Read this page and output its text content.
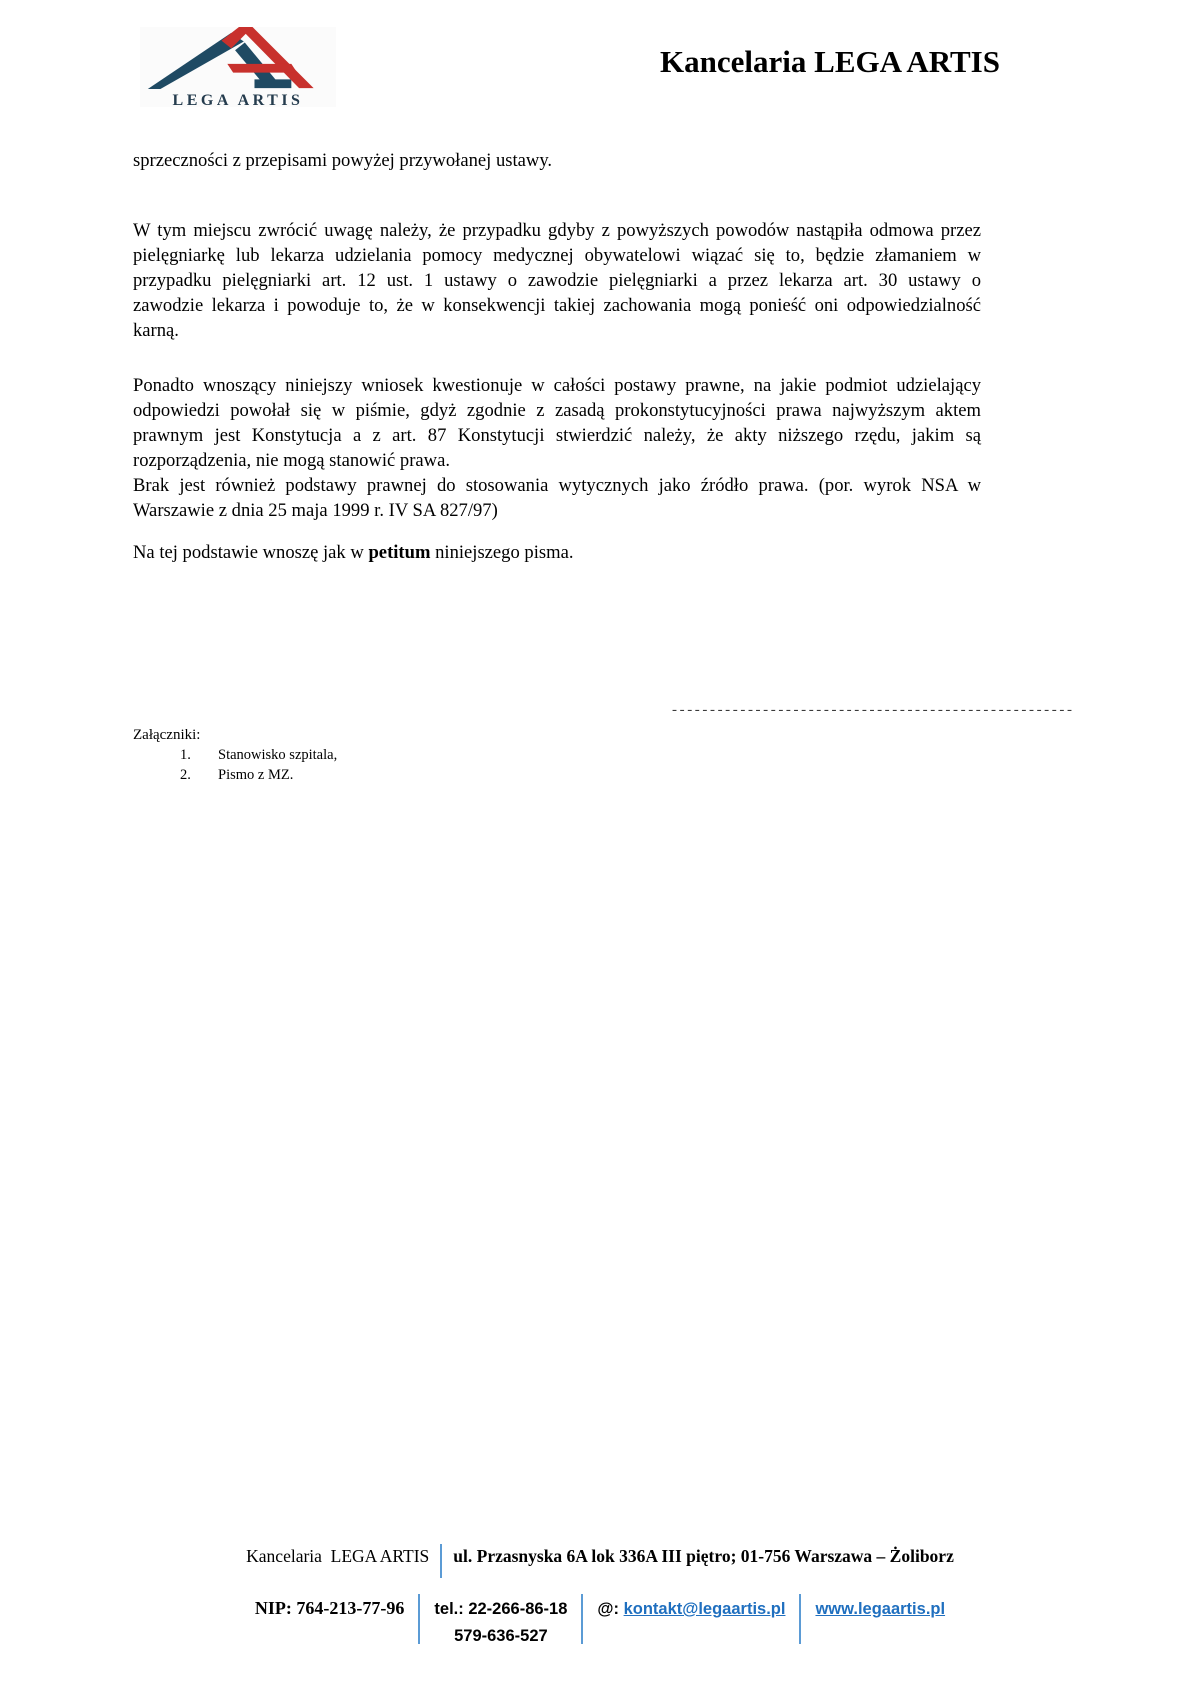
LEGA ARTIS
Kancelaria LEGA ARTIS
sprzeczności z przepisami powyżej przywołanej ustawy.
W tym miejscu zwrócić uwagę należy, że przypadku gdyby z powyższych powodów nastąpiła odmowa przez
pielęgniarkę lub lekarza udzielania pomocy medycznej obywatelowi wiązać się to, będzie złamaniem w
przypadku pielęgniarki art. 12 ust. 1 ustawy o zawodzie pielęgniarki a przez lekarza art. 30 ustawy o
zawodzie lekarza i powoduje to, że w konsekwencji takiej zachowania mogą ponieść oni odpowiedzialność
karną.
Ponadto wnoszący niniejszy wniosek kwestionuje w całości postawy prawne, na jakie podmiot udzielający
odpowiedzi powołał się w piśmie, gdyż zgodnie z zasadą prokonstytucyjności prawa najwyższym aktem
prawnym jest Konstytucja a z art. 87 Konstytucji stwierdzić należy, że akty niższego rzędu, jakim są
rozporządzenia, nie mogą stanowić prawa.
Brak jest również podstawy prawnej do stosowania wytycznych jako źródło prawa. (por. wyrok NSA w
Warszawie z dnia 25 maja 1999 r. IV SA 827/97)
Na tej podstawie wnoszę jak w petitum niniejszego pisma.
-----------------------------------------------------
Załączniki:
1. Stanowisko szpitala,
2. Pismo z MZ.
Kancelaria  LEGA ARTIS ul. Przasnyska 6A lok 336A III piętro; 01-756 Warszawa – Żoliborz
NIP: 764-213-77-96 tel.: 22-266-86-18
579-636-527
@: kontakt@legaartis.pl www.legaartis.pl
